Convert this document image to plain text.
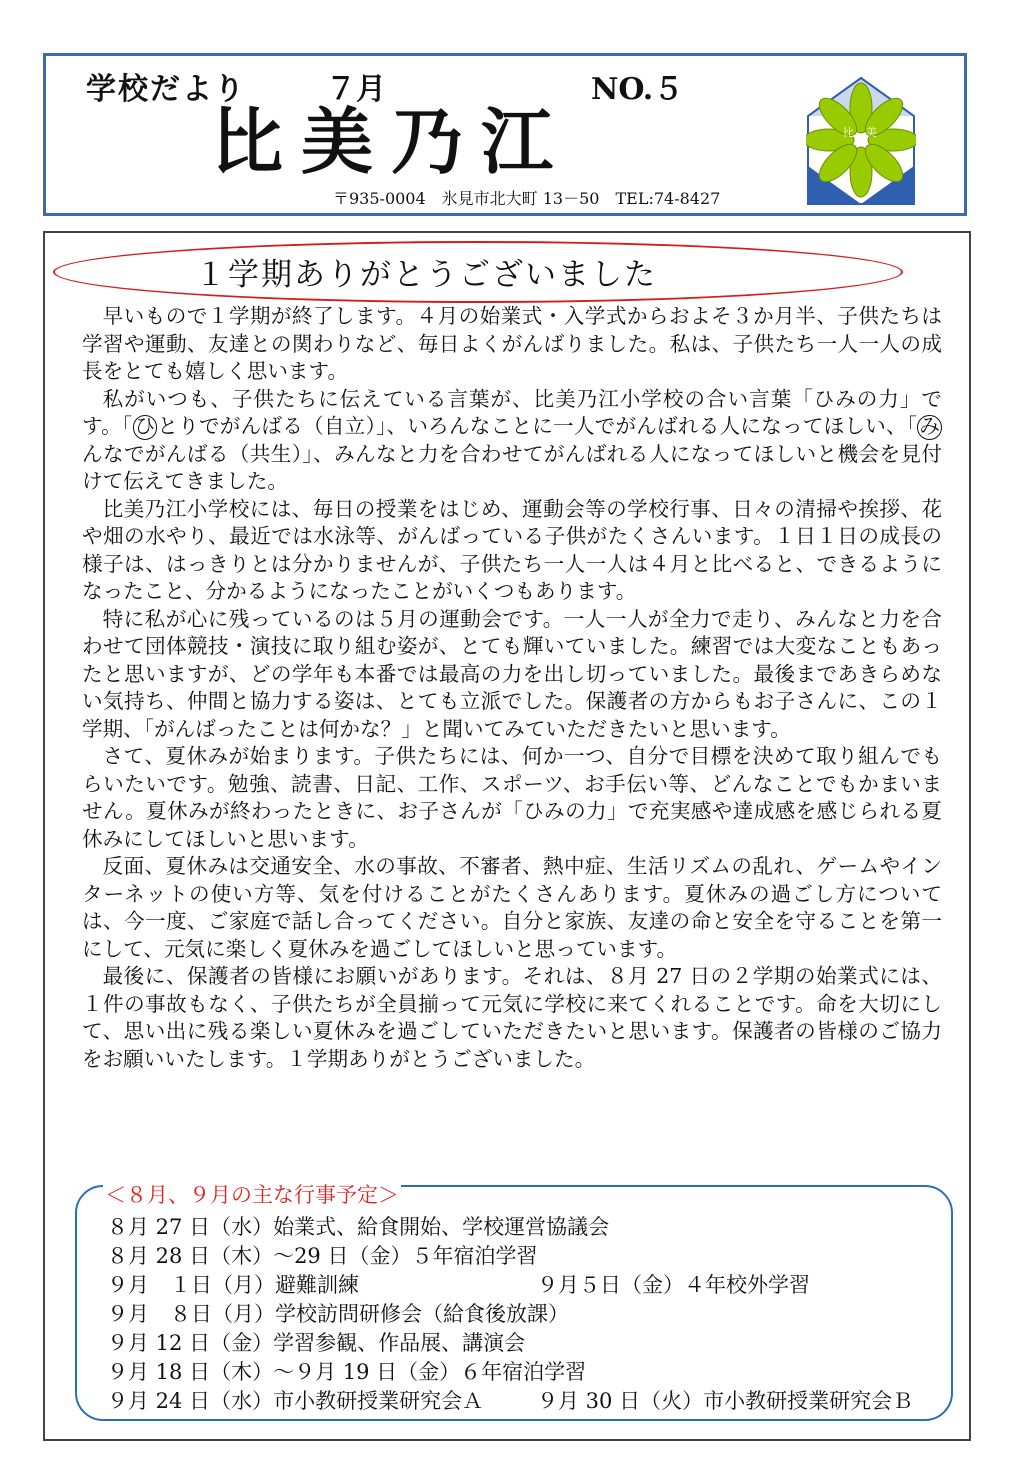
学校だより	７月	NO.５
比美乃江
〒935-0004　氷見市北大町 13－50　TEL:74-8427
比 美
１学期ありがとうございました

早いもので１学期が終了します。４月の始業式・入学式からおよそ３か月半、子供たちは学習や運動、友達との関わりなど、毎日よくがんばりました。私は、子供たち一人一人の成長をとても嬉しく思います。

私がいつも、子供たちに伝えている言葉が、比美乃江小学校の合い言葉「ひみの力」です。「ひとりでがんばる（自立）」、いろんなことに一人でがんばれる人になってほしい、「みんなでがんばる（共生）」、みんなと力を合わせてがんばれる人になってほしいと機会を見付けて伝えてきました。

比美乃江小学校には、毎日の授業をはじめ、運動会等の学校行事、日々の清掃や挨拶、花や畑の水やり、最近では水泳等、がんばっている子供がたくさんいます。１日１日の成長の様子は、はっきりとは分かりませんが、子供たち一人一人は４月と比べると、できるようになったこと、分かるようになったことがいくつもあります。

特に私が心に残っているのは５月の運動会です。一人一人が全力で走り、みんなと力を合わせて団体競技・演技に取り組む姿が、とても輝いていました。練習では大変なこともあったと思いますが、どの学年も本番では最高の力を出し切っていました。最後まであきらめない気持ち、仲間と協力する姿は、とても立派でした。保護者の方からもお子さんに、この１学期、「がんばったことは何かな？」と聞いてみていただきたいと思います。

さて、夏休みが始まります。子供たちには、何か一つ、自分で目標を決めて取り組んでもらいたいです。勉強、読書、日記、工作、スポーツ、お手伝い等、どんなことでもかまいません。夏休みが終わったときに、お子さんが「ひみの力」で充実感や達成感を感じられる夏休みにしてほしいと思います。

反面、夏休みは交通安全、水の事故、不審者、熱中症、生活リズムの乱れ、ゲームやインターネットの使い方等、気を付けることがたくさんあります。夏休みの過ごし方については、今一度、ご家庭で話し合ってください。自分と家族、友達の命と安全を守ることを第一にして、元気に楽しく夏休みを過ごしてほしいと思っています。

最後に、保護者の皆様にお願いがあります。それは、８月 27 日の２学期の始業式には、１件の事故もなく、子供たちが全員揃って元気に学校に来てくれることです。命を大切にして、思い出に残る楽しい夏休みを過ごしていただきたいと思います。保護者の皆様のご協力をお願いいたします。１学期ありがとうございました。

＜８月、９月の主な行事予定＞
８月 27 日（水）始業式、給食開始、学校運営協議会
８月 28 日（木）～29 日（金）５年宿泊学習
９月　１日（月）避難訓練	９月５日（金）４年校外学習
９月　８日（月）学校訪問研修会（給食後放課）
９月 12 日（金）学習参観、作品展、講演会
９月 18 日（木）～９月 19 日（金）６年宿泊学習
９月 24 日（水）市小教研授業研究会Ａ	９月 30 日（火）市小教研授業研究会Ｂ
